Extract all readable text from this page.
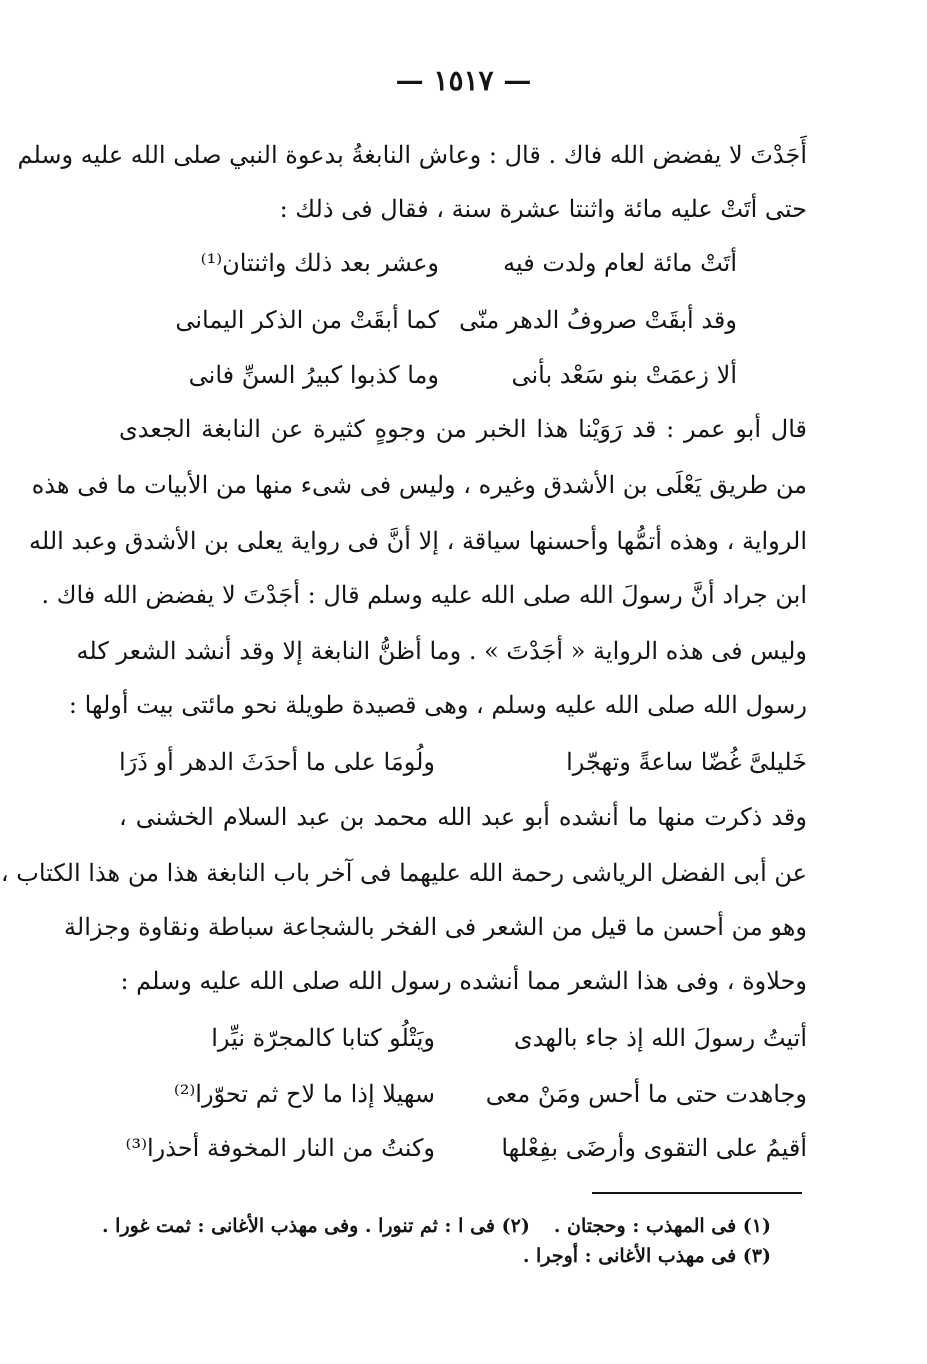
— ١٥١٧ —
أَجَدْتَ لا يفضض الله فاك . قال : وعاش النابغةُ بدعوة النبي صلى الله عليه وسلم
حتى أتَتْ عليه مائة واثنتا عشرة سنة ، فقال فى ذلك :
أتَتْ مائة لعام ولدت فيه
وعشر بعد ذلك واثنتان⁽¹⁾
وقد أبقَتْ صروفُ الدهر منّى
كما أبقَتْ من الذكر اليمانى
ألا زعمَتْ بنو سَعْد بأنى
وما كذبوا كبيرُ السنِّ فانى
قال أبو عمر : قد رَوَيْنا هذا الخبر من وجوهٍ كثيرة عن النابغة الجعدى
من طريق يَعْلَى بن الأشدق وغيره ، وليس فى شىء منها من الأبيات ما فى هذه
الرواية ، وهذه أتمُّها وأحسنها سياقة ، إلا أنَّ فى رواية يعلى بن الأشدق وعبد الله
ابن جراد أنَّ رسولَ الله صلى الله عليه وسلم قال : أجَدْتَ لا يفضض الله فاك .
وليس فى هذه الرواية « أجَدْتَ » . وما أظنُّ النابغة إلا وقد أنشد الشعر كله
رسول الله صلى الله عليه وسلم ، وهى قصيدة طويلة نحو مائتى بيت أولها :
خَليلىَّ غُضّا ساعةً وتهجّرا
ولُومَا على ما أحدَثَ الدهر أو ذَرَا
وقد ذكرت منها ما أنشده أبو عبد الله محمد بن عبد السلام الخشنى ،
عن أبى الفضل الرياشى رحمة الله عليهما فى آخر باب النابغة هذا من هذا الكتاب ،
وهو من أحسن ما قيل من الشعر فى الفخر بالشجاعة سباطة ونقاوة وجزالة
وحلاوة ، وفى هذا الشعر مما أنشده رسول الله صلى الله عليه وسلم :
أتيتُ رسولَ الله إذ جاء بالهدى
ويَتْلُو كتابا كالمجرّة نيِّرا
وجاهدت حتى ما أحس ومَنْ معى
سهيلا إذا ما لاح ثم تحوّرا⁽²⁾
أقيمُ على التقوى وأرضَى بفِعْلها
وكنتُ من النار المخوفة أحذرا⁽³⁾
(١) فى المهذب : وحجتان .(٢) فى ا : ثم تنورا . وفى مهذب الأغانى : ثمت غورا .
(٣) فى مهذب الأغانى : أوجرا .
